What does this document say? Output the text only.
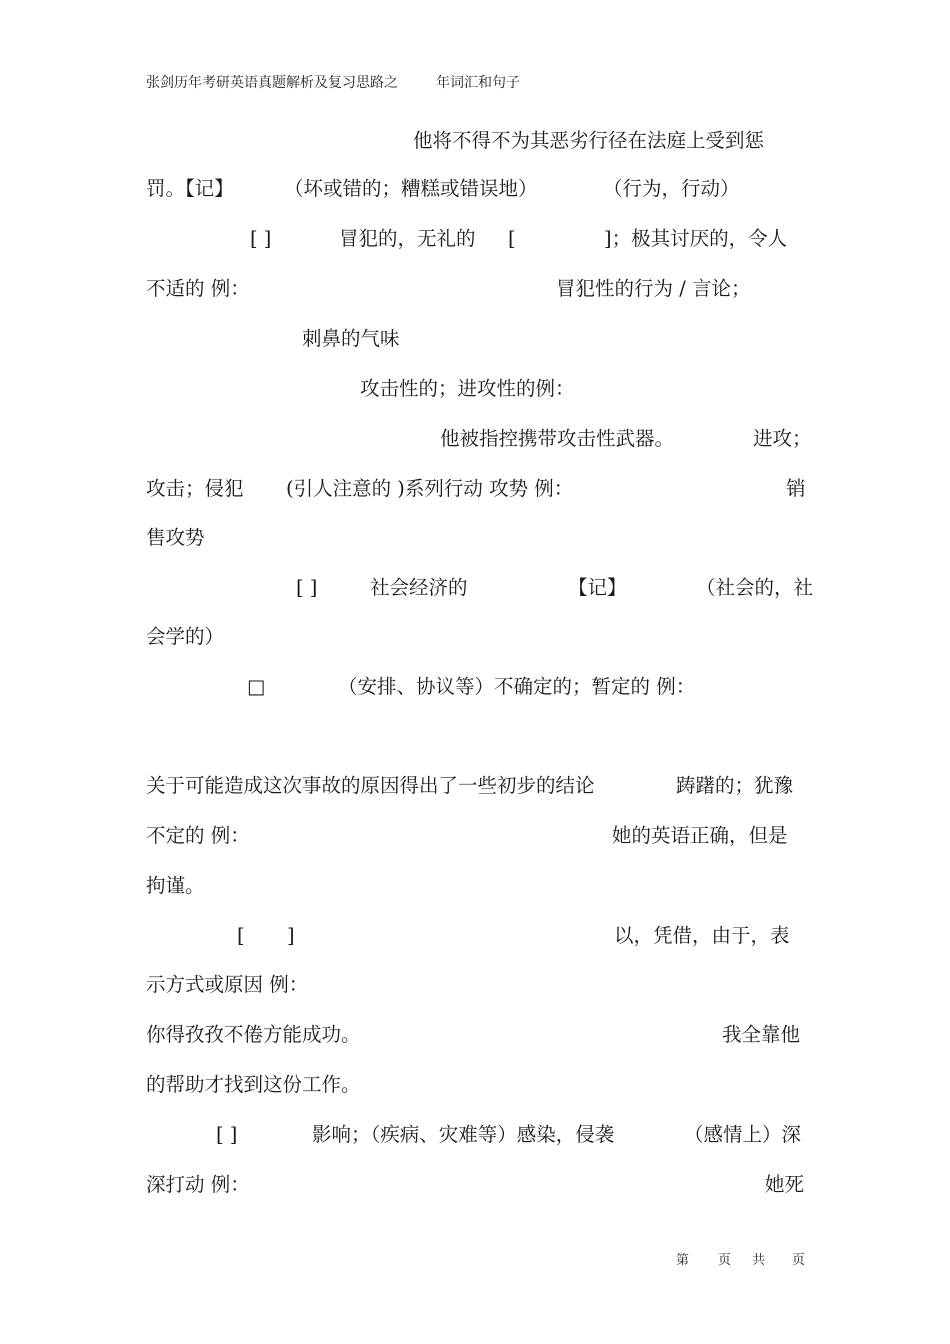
张剑历年考研英语真题解析及复习思路之	年词汇和句子
他将不得不为其恶劣行径在法庭上受到惩
罚。【记】	（坏或错的；糟糕或错误地）	（行为，行动）
[ ]	冒犯的，无礼的 [	]；极其讨厌的，令人
不适的 例：	冒犯性的行为 / 言论；
刺鼻的气味
攻击性的；进攻性的例：
他被指控携带攻击性武器。	进攻；
攻击；侵犯 (引人注意的 )系列行动 攻势 例：	销
售攻势
[ ]	社会经济的	【记】	（社会的，社
会学的）
□	（安排、协议等）不确定的；暂定的 例：
关于可能造成这次事故的原因得出了一些初步的结论	踌躇的；犹豫
不定的 例：	她的英语正确，但是
拘谨。
[ ]	以，凭借，由于，表
示方式或原因 例：
你得孜孜不倦方能成功。	我全靠他
的帮助才找到这份工作。
[ ]	影响；（疾病、灾难等）感染，侵袭	（感情上）深
深打动 例：	她死
第 页 共 页
